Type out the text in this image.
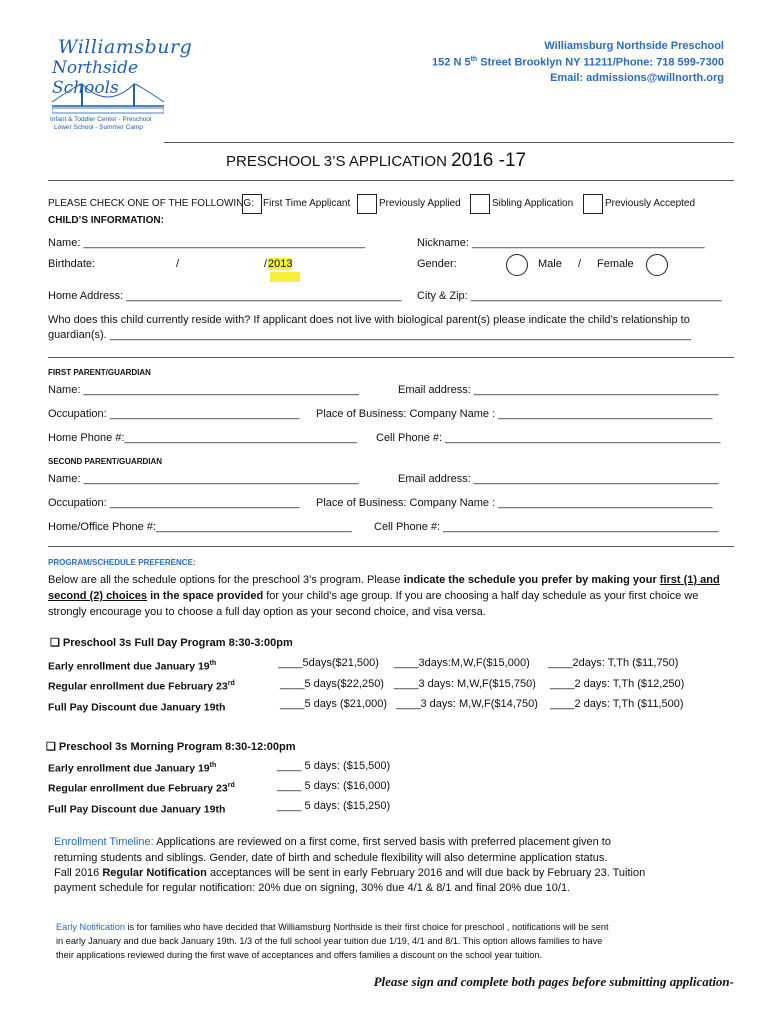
Williamsburg
Northside Schools
Infant & Toddler Center - Preschool
Lower School - Summer Camp
Williamsburg Northside Preschool
152 N 5th Street Brooklyn NY 11211/Phone: 718 599-7300
Email: admissions@willnorth.org
PRESCHOOL 3’S APPLICATION 2016 -17
PLEASE CHECK ONE OF THE FOLLOWING: First Time Applicant	Previously Applied	Sibling Application	Previously Accepted
CHILD’S INFORMATION:
Name: ______________________________________________	Nickname: ______________________________________
Birthdate:	/	/ 2013	Gender:	Male / Female
Home Address: _____________________________________________ City & Zip: _________________________________________
Who does this child currently reside with? If applicant does not live with biological parent(s) please indicate the child’s relationship to
guardian(s). _______________________________________________________________________________________________
FIRST PARENT/GUARDIAN
Name: _____________________________________________	Email address: ________________________________________
Occupation: _______________________________ Place of Business: Company Name : ___________________________________
Home Phone #:______________________________________ Cell Phone #: _____________________________________________
SECOND PARENT/GUARDIAN
Name: _____________________________________________	Email address: ________________________________________
Occupation: _______________________________ Place of Business: Company Name : ___________________________________
Home/Office Phone #:________________________________ Cell Phone #: _____________________________________________
PROGRAM/SCHEDULE PREFERENCE:
Below are all the schedule options for the preschool 3’s program. Please indicate the schedule you prefer by making your first (1) and
second (2) choices in the space provided for your child’s age group. If you are choosing a half day schedule as your first choice we
strongly encourage you to choose a full day option as your second choice, and visa versa.
❑ Preschool 3s Full Day Program 8:30-3:00pm
Early enrollment due January 19th	____5days($21,500) ____3days:M,W,F($15,000) ____2days: T,Th ($11,750)
Regular enrollment due February 23rd	____5 days($22,250) ____3 days: M,W,F($15,750) ____2 days: T,Th ($12,250)
Full Pay Discount due January 19th	____5 days ($21,000) ____3 days: M,W,F($14,750) ____2 days: T,Th ($11,500)
❑ Preschool 3s Morning Program 8:30-12:00pm
Early enrollment due January 19th	____ 5 days: ($15,500)
Regular enrollment due February 23rd	____ 5 days: ($16,000)
Full Pay Discount due January 19th	____ 5 days: ($15,250)
Enrollment Timeline: Applications are reviewed on a first come, first served basis with preferred placement given to
returning students and siblings. Gender, date of birth and schedule flexibility will also determine application status.
Fall 2016 Regular Notification acceptances will be sent in early February 2016 and will due back by February 23. Tuition
payment schedule for regular notification: 20% due on signing, 30% due 4/1 & 8/1 and final 20% due 10/1.
Early Notification is for families who have decided that Williamsburg Northside is their first choice for preschool , notifications will be sent
in early January and due back January 19th. 1/3 of the full school year tuition due 1/19, 4/1 and 8/1. This option allows families to have
their applications reviewed during the first wave of acceptances and offers families a discount on the school year tuition.
Please sign and complete both pages before submitting application-
